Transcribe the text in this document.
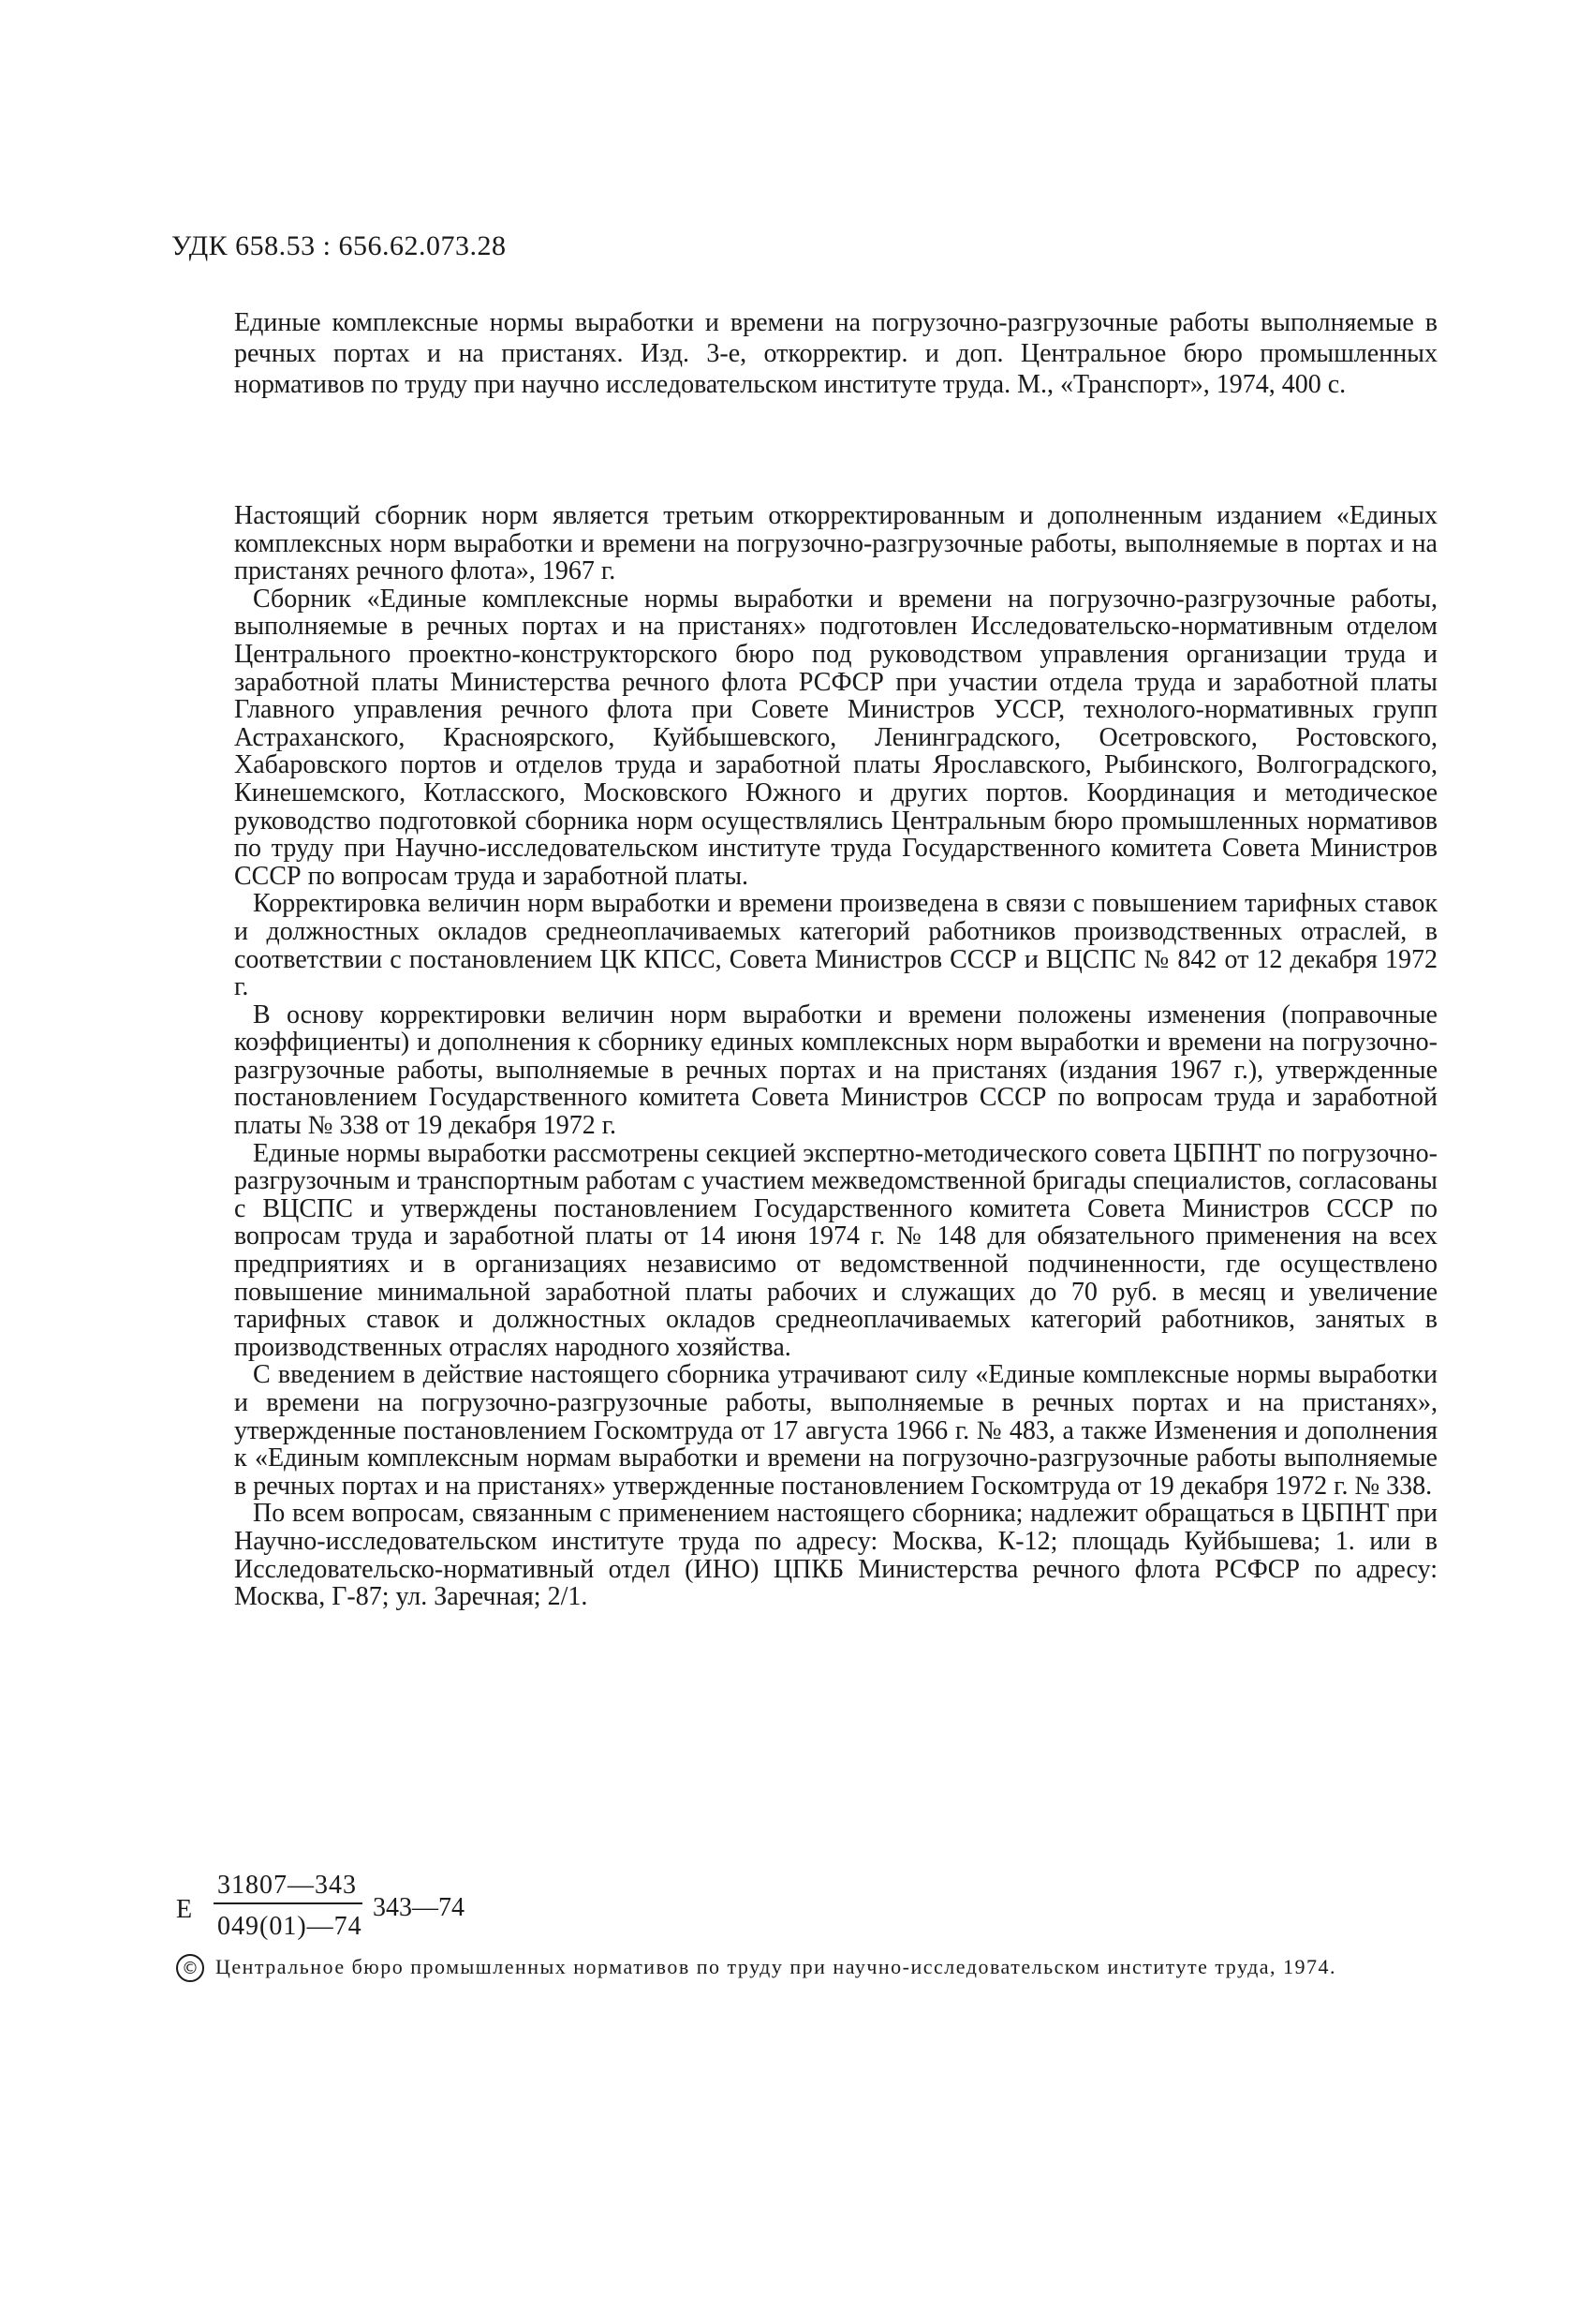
УДК 658.53 : 656.62.073.28
Единые комплексные нормы выработки и времени на погрузочно-разгрузочные работы выполняемые в речных портах и на пристанях. Изд. 3-е, откорректир. и доп. Центральное бюро промышленных нормативов по труду при научно исследовательском институте труда. М., «Транспорт», 1974, 400 с.

Настоящий сборник норм является третьим откорректированным и дополненным изданием «Единых комплексных норм выработки и времени на погрузочно-разгрузочные работы, выполняемые в портах и на пристанях речного флота», 1967 г.

Сборник «Единые комплексные нормы выработки и времени на погрузочно-разгрузочные работы, выполняемые в речных портах и на пристанях» подготовлен Исследовательско-нормативным отделом Центрального проектно-конструкторского бюро под руководством управления организации труда и заработной платы Министерства речного флота РСФСР при участии отдела труда и заработной платы Главного управления речного флота при Совете Министров УССР, технолого-нормативных групп Астраханского, Красноярского, Куйбышевского, Ленинградского, Осетровского, Ростовского, Хабаровского портов и отделов труда и заработной платы Ярославского, Рыбинского, Волгоградского, Кинешемского, Котласского, Московского Южного и других портов. Координация и методическое руководство подготовкой сборника норм осуществлялись Центральным бюро промышленных нормативов по труду при Научно-исследовательском институте труда Государственного комитета Совета Министров СССР по вопросам труда и заработной платы.

Корректировка величин норм выработки и времени произведена в связи с повышением тарифных ставок и должностных окладов среднеоплачиваемых категорий работников производственных отраслей, в соответствии с постановлением ЦК КПСС, Совета Министров СССР и ВЦСПС № 842 от 12 декабря 1972 г.

В основу корректировки величин норм выработки и времени положены изменения (поправочные коэффициенты) и дополнения к сборнику единых комплексных норм выработки и времени на погрузочно-разгрузочные работы, выполняемые в речных портах и на пристанях (издания 1967 г.), утвержденные постановлением Государственного комитета Совета Министров СССР по вопросам труда и заработной платы № 338 от 19 декабря 1972 г.

Единые нормы выработки рассмотрены секцией экспертно-методического совета ЦБПНТ по погрузочно-разгрузочным и транспортным работам с участием межведомственной бригады специалистов, согласованы с ВЦСПС и утверждены постановлением Государственного комитета Совета Министров СССР по вопросам труда и заработной платы от 14 июня 1974 г. № 148 для обязательного применения на всех предприятиях и в организациях независимо от ведомственной подчиненности, где осуществлено повышение минимальной заработной платы рабочих и служащих до 70 руб. в месяц и увеличение тарифных ставок и должностных окладов среднеоплачиваемых категорий работников, занятых в производственных отраслях народного хозяйства.

С введением в действие настоящего сборника утрачивают силу «Единые комплексные нормы выработки и времени на погрузочно-разгрузочные работы, выполняемые в речных портах и на пристанях», утвержденные постановлением Госкомтруда от 17 августа 1966 г. № 483, а также Изменения и дополнения к «Единым комплексным нормам выработки и времени на погрузочно-разгрузочные работы выполняемые в речных портах и на пристанях» утвержденные постановлением Госкомтруда от 19 декабря 1972 г. № 338.

По всем вопросам, связанным с применением настоящего сборника; надлежит обращаться в ЦБПНТ при Научно-исследовательском институте труда по адресу: Москва, К-12; площадь Куйбышева; 1. или в Исследовательско-нормативный отдел (ИНО) ЦПКБ Министерства речного флота РСФСР по адресу: Москва, Г-87; ул. Заречная; 2/1.

Е
31807—343
049(01)—74
343—74
© Центральное бюро промышленных нормативов по труду при научно-исследовательском институте труда, 1974.
